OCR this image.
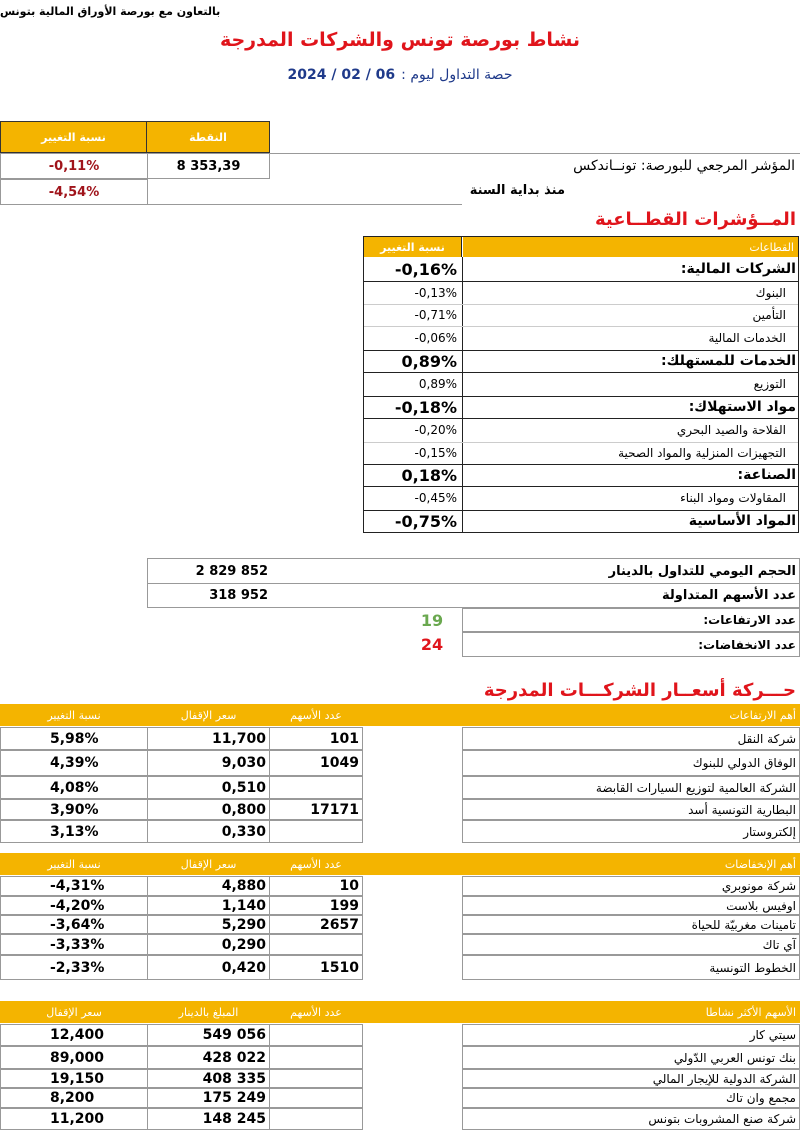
بالتعاون مع بورصة الأوراق المالية بتونس
نشاط بورصة تونس والشركات المدرجة
2024 / 02 / 06 حصة التداول ليوم :
نسبة التغيير	النقطة
-0,11%	8 353,39	المؤشر المرجعي للبورصة: تونــاندكس
-4,54%	منذ بداية السنة
المــؤشرات القطــاعية
نسبة التغيير	القطاعات
-0,16%	الشركات المالية:
-0,13%	البنوك
-0,71%	التأمين
-0,06%	الخدمات المالية
0,89%	الخدمات للمستهلك:
0,89%	التوزيع
-0,18%	مواد الاستهلاك:
-0,20%	الفلاحة والصيد البحري
-0,15%	التجهيزات المنزلية والمواد الصحية
0,18%	الصناعة:
-0,45%	المقاولات ومواد البناء
-0,75%	المواد الأساسية
2 829 852	الحجم اليومي للتداول بالدينار
318 952	عدد الأسهم المتداولة
19	عدد الارتفاعات:
24	عدد الانخفاضات:
حـــركة أسعــار الشركـــات المدرجة
نسبة التغيير	سعر الإقفال	عدد الأسهم	أهم الارتفاعات
5,98%	11,700	101	شركة النقل
4,39%	9,030	1049	الوفاق الدولي للبنوك
4,08%	0,510	الشركة العالمية لتوزيع السيارات القابضة
3,90%	0,800	17171	البطارية التونسية أسد
3,13%	0,330	إلكتروستار
نسبة التغيير	سعر الإقفال	عدد الأسهم	أهم الإنخفاضات
-4,31%	4,880	10	شركة مونوبري
-4,20%	1,140	199	اوفيس بلاست
-3,64%	5,290	2657	تامينات مغربيّة للحياة
-3,33%	0,290	آي تاك
-2,33%	0,420	1510	الخطوط التونسية
سعر الإقفال	المبلغ بالدينار	عدد الأسهم	الأسهم الأكثر نشاطا
12,400	549 056	سيتي كار
89,000	428 022	بنك تونس العربي الدّولي
19,150	408 335	الشركة الدولية للإيجار المالي
8,200	175 249	مجمع وان تاك
11,200	148 245	شركة صنع المشروبات بتونس
